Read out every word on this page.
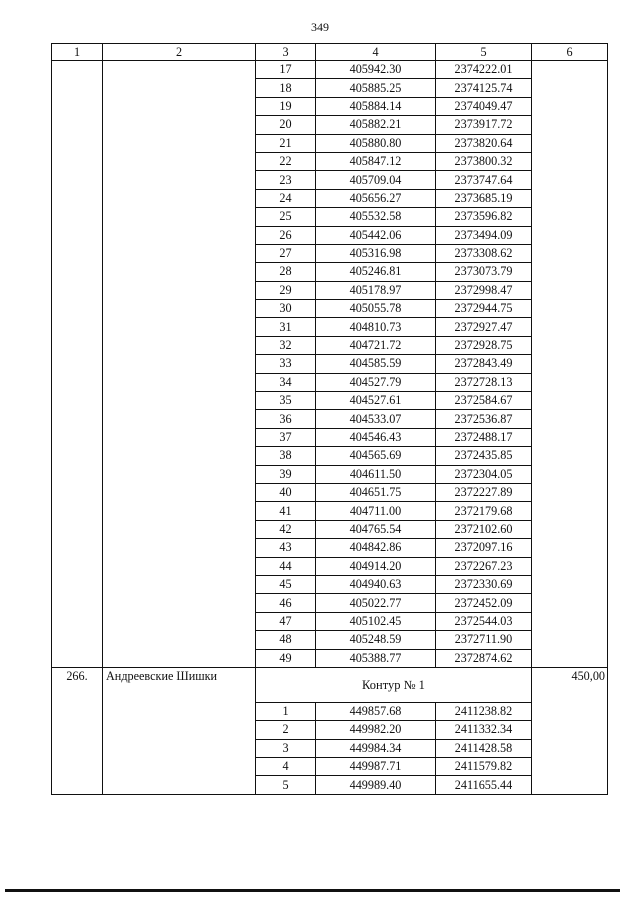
349
1	2	3	4	5	6
		17	405942.30	2374222.01	
		18	405885.25	2374125.74	
		19	405884.14	2374049.47	
		20	405882.21	2373917.72	
		21	405880.80	2373820.64	
		22	405847.12	2373800.32	
		23	405709.04	2373747.64	
		24	405656.27	2373685.19	
		25	405532.58	2373596.82	
		26	405442.06	2373494.09	
		27	405316.98	2373308.62	
		28	405246.81	2373073.79	
		29	405178.97	2372998.47	
		30	405055.78	2372944.75	
		31	404810.73	2372927.47	
		32	404721.72	2372928.75	
		33	404585.59	2372843.49	
		34	404527.79	2372728.13	
		35	404527.61	2372584.67	
		36	404533.07	2372536.87	
		37	404546.43	2372488.17	
		38	404565.69	2372435.85	
		39	404611.50	2372304.05	
		40	404651.75	2372227.89	
		41	404711.00	2372179.68	
		42	404765.54	2372102.60	
		43	404842.86	2372097.16	
		44	404914.20	2372267.23	
		45	404940.63	2372330.69	
		46	405022.77	2372452.09	
		47	405102.45	2372544.03	
		48	405248.59	2372711.90	
		49	405388.77	2372874.62	
266.	Андреевские Шишки	Контур № 1			450,00
		1	449857.68	2411238.82	
		2	449982.20	2411332.34	
		3	449984.34	2411428.58	
		4	449987.71	2411579.82	
		5	449989.40	2411655.44	
